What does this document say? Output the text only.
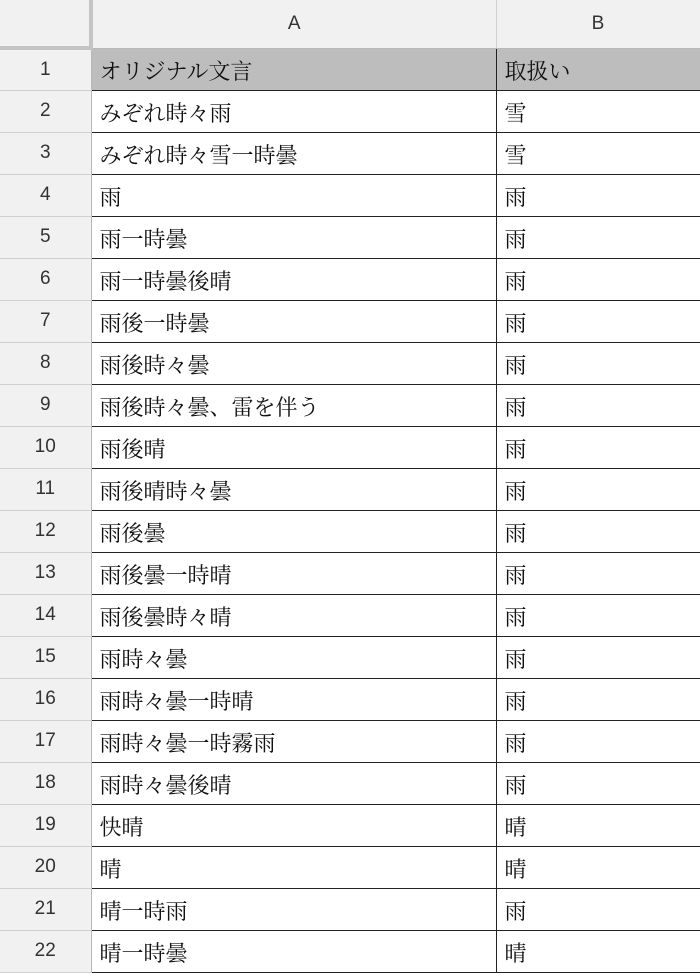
	A	B
1	オリジナル文言	取扱い
2	みぞれ時々雨	雪
3	みぞれ時々雪一時曇	雪
4	雨	雨
5	雨一時曇	雨
6	雨一時曇後晴	雨
7	雨後一時曇	雨
8	雨後時々曇	雨
9	雨後時々曇、雷を伴う	雨
10	雨後晴	雨
11	雨後晴時々曇	雨
12	雨後曇	雨
13	雨後曇一時晴	雨
14	雨後曇時々晴	雨
15	雨時々曇	雨
16	雨時々曇一時晴	雨
17	雨時々曇一時霧雨	雨
18	雨時々曇後晴	雨
19	快晴	晴
20	晴	晴
21	晴一時雨	雨
22	晴一時曇	晴
